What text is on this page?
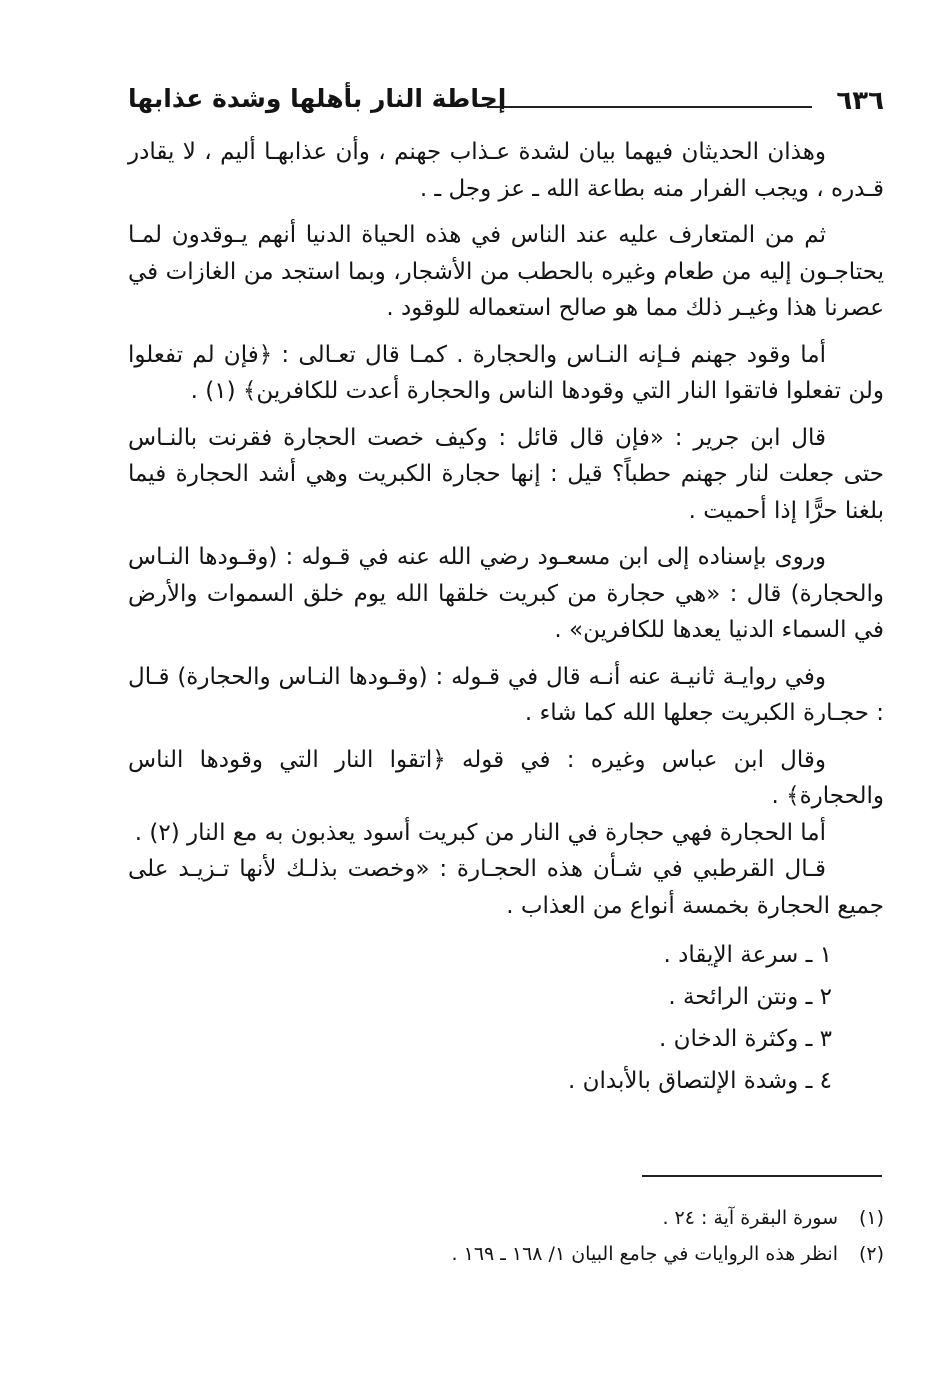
٦٣٦
إحاطة النار بأهلها وشدة عذابها

وهذان الحديثان فيهما بيان لشدة عـذاب جهنم ، وأن عذابهـا أليم ، لا يقادر قـدره ، ويجب الفرار منه بطاعة الله ـ عز وجل ـ .

ثم من المتعارف عليه عند الناس في هذه الحياة الدنيا أنهم يـوقدون لمـا يحتاجـون إليه من طعام وغيره بالحطب من الأشجار، وبما استجد من الغازات في عصرنا هذا وغيـر ذلك مما هو صالح استعماله للوقود .

أما وقود جهنم فـإنه النـاس والحجارة . كمـا قال تعـالى : ﴿فإن لم تفعلوا ولن تفعلوا فاتقوا النار التي وقودها الناس والحجارة أعدت للكافرين﴾ (١) .

قال ابن جرير : «فإن قال قائل : وكيف خصت الحجارة فقرنت بالنـاس حتى جعلت لنار جهنم حطباً؟ قيل : إنها حجارة الكبريت وهي أشد الحجارة فيما بلغنا حرًّا إذا أحميت .

وروى بإسناده إلى ابن مسعـود رضي الله عنه في قـوله : (وقـودها النـاس والحجارة) قال : «هي حجارة من كبريت خلقها الله يوم خلق السموات والأرض في السماء الدنيا يعدها للكافرين» .

وفي روايـة ثانيـة عنه أنـه قال في قـوله : (وقـودها النـاس والحجارة) قـال : حجـارة الكبريت جعلها الله كما شاء .

وقال ابن عباس وغيره : في قوله ﴿اتقوا النار التي وقودها الناس والحجارة﴾ .

أما الحجارة فهي حجارة في النار من كبريت أسود يعذبون به مع النار (٢) .

قـال القرطبي في شـأن هذه الحجـارة : «وخصت بذلـك لأنها تـزيـد على جميع الحجارة بخمسة أنواع من العذاب .

١ ـ سرعة الإيقاد .
٢ ـ ونتن الرائحة .
٣ ـ وكثرة الدخان .
٤ ـ وشدة الإلتصاق بالأبدان .
(١)سورة البقرة آية : ٢٤ .
(٢)انظر هذه الروايات في جامع البيان ١/ ١٦٨ ـ ١٦٩ .
